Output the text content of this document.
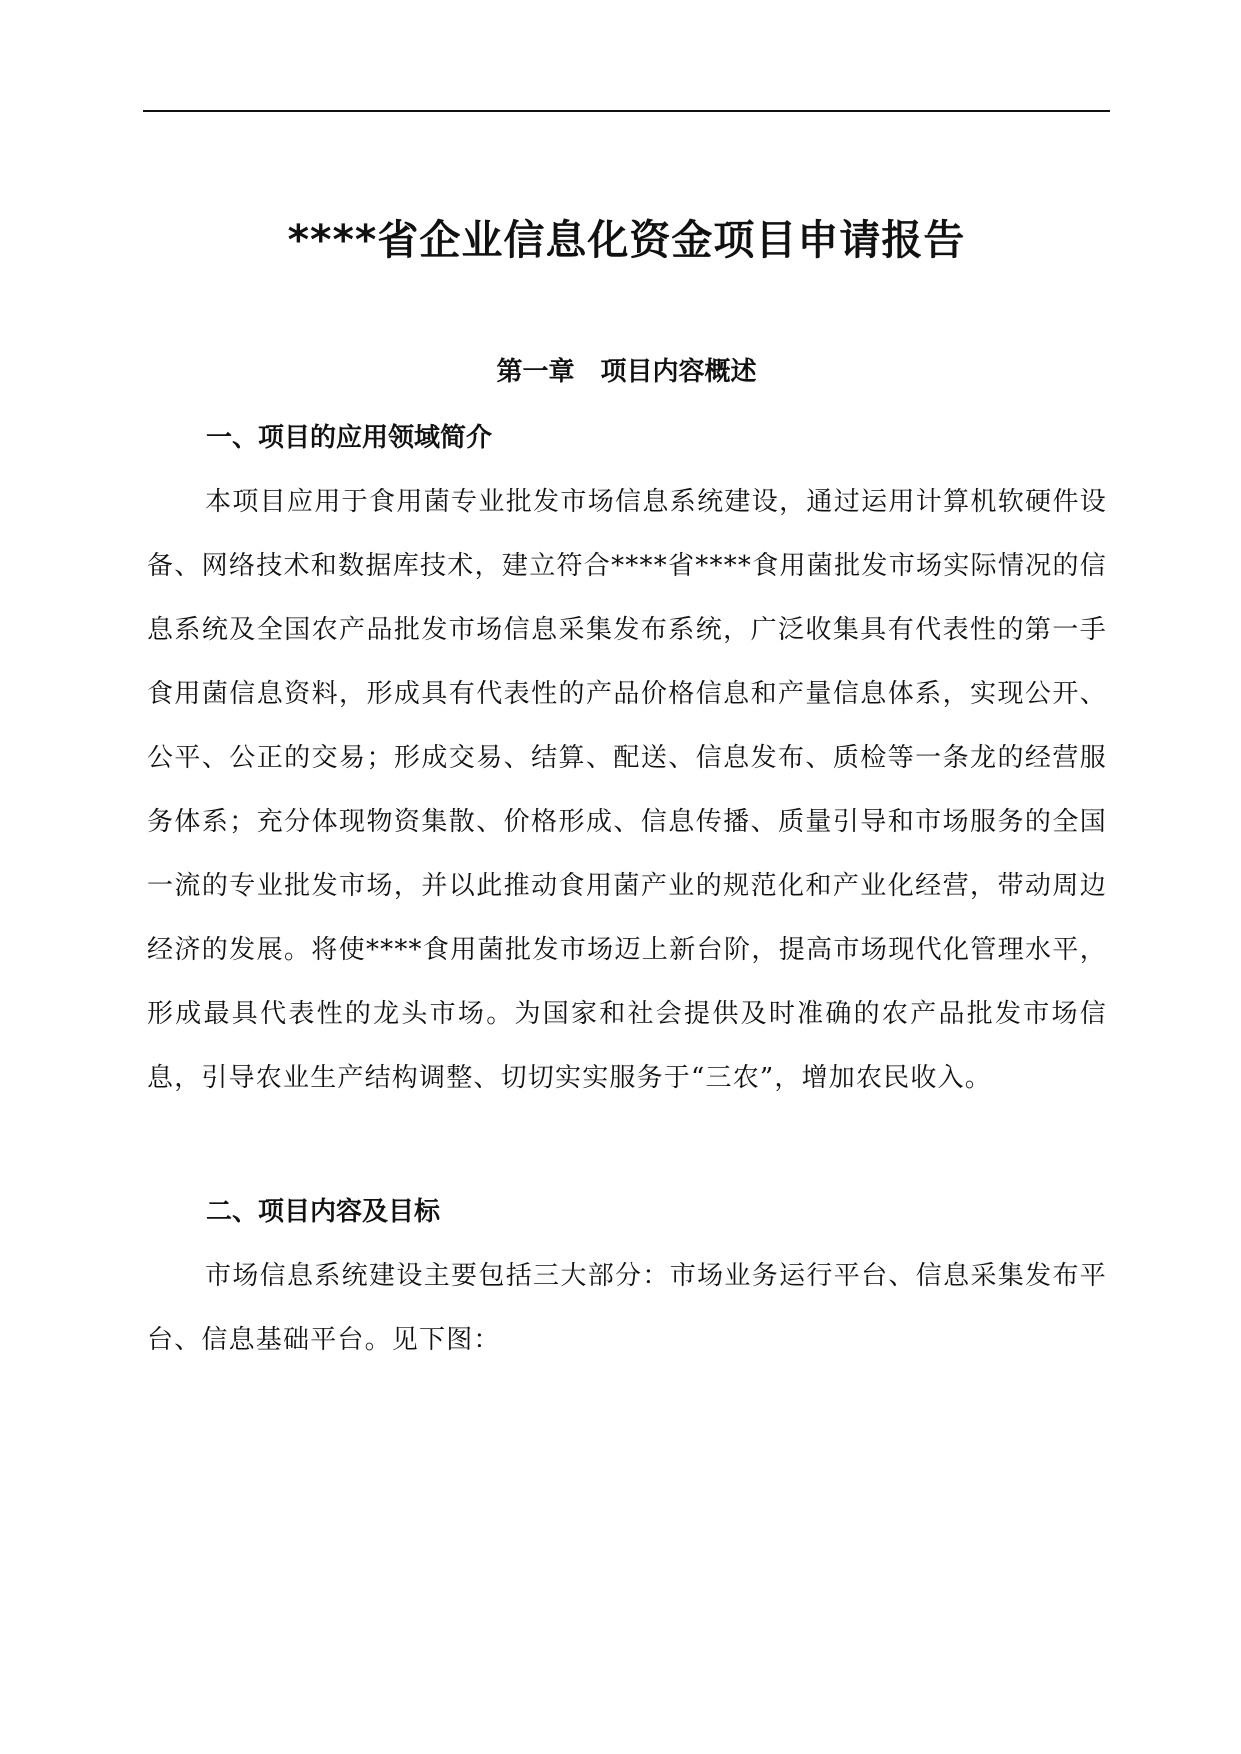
****省企业信息化资金项目申请报告
第一章　项目内容概述
一、项目的应用领域简介

本项目应用于食用菌专业批发市场信息系统建设，通过运用计算机软硬件设备、网络技术和数据库技术，建立符合****省****食用菌批发市场实际情况的信息系统及全国农产品批发市场信息采集发布系统，广泛收集具有代表性的第一手食用菌信息资料，形成具有代表性的产品价格信息和产量信息体系，实现公开、公平、公正的交易；形成交易、结算、配送、信息发布、质检等一条龙的经营服务体系；充分体现物资集散、价格形成、信息传播、质量引导和市场服务的全国一流的专业批发市场，并以此推动食用菌产业的规范化和产业化经营，带动周边经济的发展。将使****食用菌批发市场迈上新台阶，提高市场现代化管理水平，形成最具代表性的龙头市场。为国家和社会提供及时准确的农产品批发市场信息，引导农业生产结构调整、切切实实服务于“三农”，增加农民收入。

二、项目内容及目标

市场信息系统建设主要包括三大部分：市场业务运行平台、信息采集发布平台、信息基础平台。见下图：
